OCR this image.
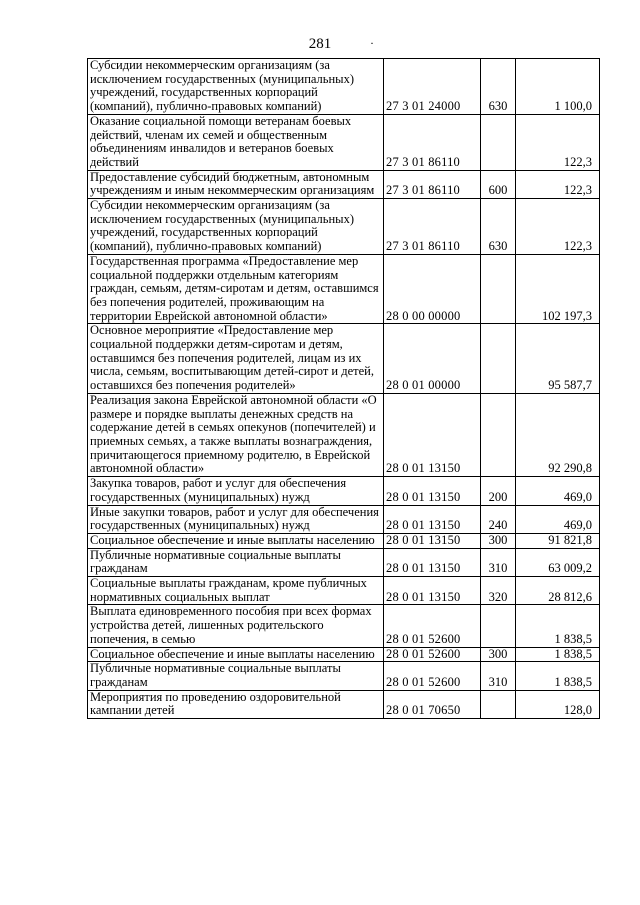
281	·
Субсидии некоммерческим организациям (за исключением государственных (муниципальных) учреждений, государственных корпораций (компаний), публично-правовых компаний)	27 3 01 24000	630	1 100,0
Оказание социальной помощи ветеранам боевых действий, членам их семей и общественным объединениям инвалидов и ветеранов боевых действий	27 3 01 86110		122,3
Предоставление субсидий бюджетным, автономным учреждениям и иным некоммерческим организациям	27 3 01 86110	600	122,3
Субсидии некоммерческим организациям (за исключением государственных (муниципальных) учреждений, государственных корпораций (компаний), публично-правовых компаний)	27 3 01 86110	630	122,3
Государственная программа «Предоставление мер социальной поддержки отдельным категориям граждан, семьям, детям-сиротам и детям, оставшимся без попечения родителей, проживающим на территории Еврейской автономной области»	28 0 00 00000		102 197,3
Основное мероприятие «Предоставление мер социальной поддержки детям-сиротам и детям, оставшимся без попечения родителей, лицам из их числа, семьям, воспитывающим детей-сирот и детей, оставшихся без попечения родителей»	28 0 01 00000		95 587,7
Реализация закона Еврейской автономной области «О размере и порядке выплаты денежных средств на содержание детей в семьях опекунов (попечителей) и приемных семьях, а также выплаты вознаграждения, причитающегося приемному родителю, в Еврейской автономной области»	28 0 01 13150		92 290,8
Закупка товаров, работ и услуг для обеспечения государственных (муниципальных) нужд	28 0 01 13150	200	469,0
Иные закупки товаров, работ и услуг для обеспечения государственных (муниципальных) нужд	28 0 01 13150	240	469,0
Социальное обеспечение и иные выплаты населению	28 0 01 13150	300	91 821,8
Публичные нормативные социальные выплаты гражданам	28 0 01 13150	310	63 009,2
Социальные выплаты гражданам, кроме публичных нормативных социальных выплат	28 0 01 13150	320	28 812,6
Выплата единовременного пособия при всех формах устройства детей, лишенных родительского попечения, в семью	28 0 01 52600		1 838,5
Социальное обеспечение и иные выплаты населению	28 0 01 52600	300	1 838,5
Публичные нормативные социальные выплаты гражданам	28 0 01 52600	310	1 838,5
Мероприятия по проведению оздоровительной кампании детей	28 0 01 70650		128,0
